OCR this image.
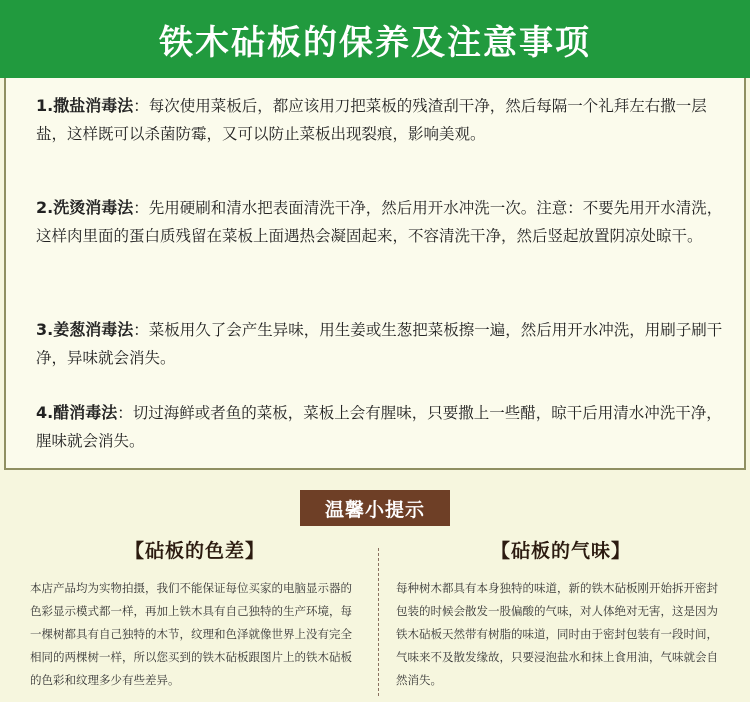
铁木砧板的保养及注意事项
1.撒盐消毒法：每次使用菜板后，都应该用刀把菜板的残渣刮干净，然后每隔一个礼拜左右撒一层盐，这样既可以杀菌防霉，又可以防止菜板出现裂痕，影响美观。
2.洗烫消毒法：先用硬刷和清水把表面清洗干净，然后用开水冲洗一次。注意：不要先用开水清洗，这样肉里面的蛋白质残留在菜板上面遇热会凝固起来，不容清洗干净，然后竖起放置阴凉处晾干。
3.姜葱消毒法：菜板用久了会产生异味，用生姜或生葱把菜板擦一遍，然后用开水冲洗，用刷子刷干净，异味就会消失。
4.醋消毒法：切过海鲜或者鱼的菜板，菜板上会有腥味，只要撒上一些醋，晾干后用清水冲洗干净，腥味就会消失。
温馨小提示
【砧板的色差】

本店产品均为实物拍摄，我们不能保证每位买家的电脑显示器的色彩显示模式都一样，再加上铁木具有自己独特的生产环境，每一棵树都具有自己独特的木节，纹理和色泽就像世界上没有完全相同的两棵树一样，所以您买到的铁木砧板跟图片上的铁木砧板的色彩和纹理多少有些差异。

【砧板的气味】

每种树木都具有本身独特的味道，新的铁木砧板刚开始拆开密封包装的时候会散发一股偏酸的气味，对人体绝对无害，这是因为铁木砧板天然带有树脂的味道，同时由于密封包装有一段时间，气味来不及散发缘故，只要浸泡盐水和抹上食用油，气味就会自然消失。
